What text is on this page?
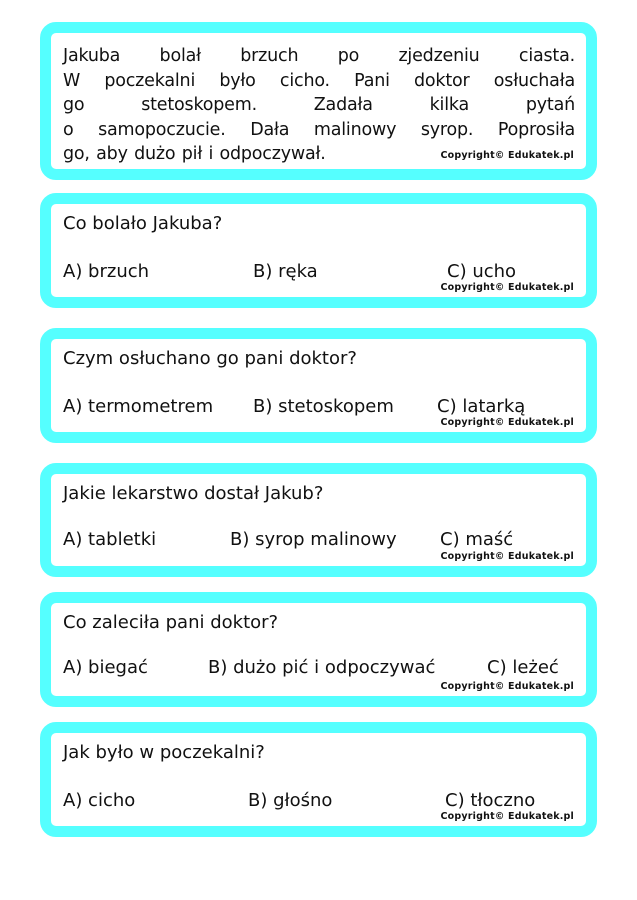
Jakuba bolał brzuch po zjedzeniu ciasta.
W poczekalni było cicho. Pani doktor osłuchała
go stetoskopem. Zadała kilka pytań
o samopoczucie. Dała malinowy syrop. Poprosiła
go, aby dużo pił i odpoczywał.	Copyright© Edukatek.pl
Co bolało Jakuba?
A) brzuch	B) ręka	C) ucho
Copyright© Edukatek.pl
Czym osłuchano go pani doktor?
A) termometrem B) stetoskopem C) latarką
Copyright© Edukatek.pl
Jakie lekarstwo dostał Jakub?
A) tabletki	B) syrop malinowy C) maść
Copyright© Edukatek.pl
Co zaleciła pani doktor?
A) biegać	B) dużo pić i odpoczywać	C) leżeć
Copyright© Edukatek.pl
Jak było w poczekalni?
A) cicho	B) głośno	C) tłoczno
Copyright© Edukatek.pl
